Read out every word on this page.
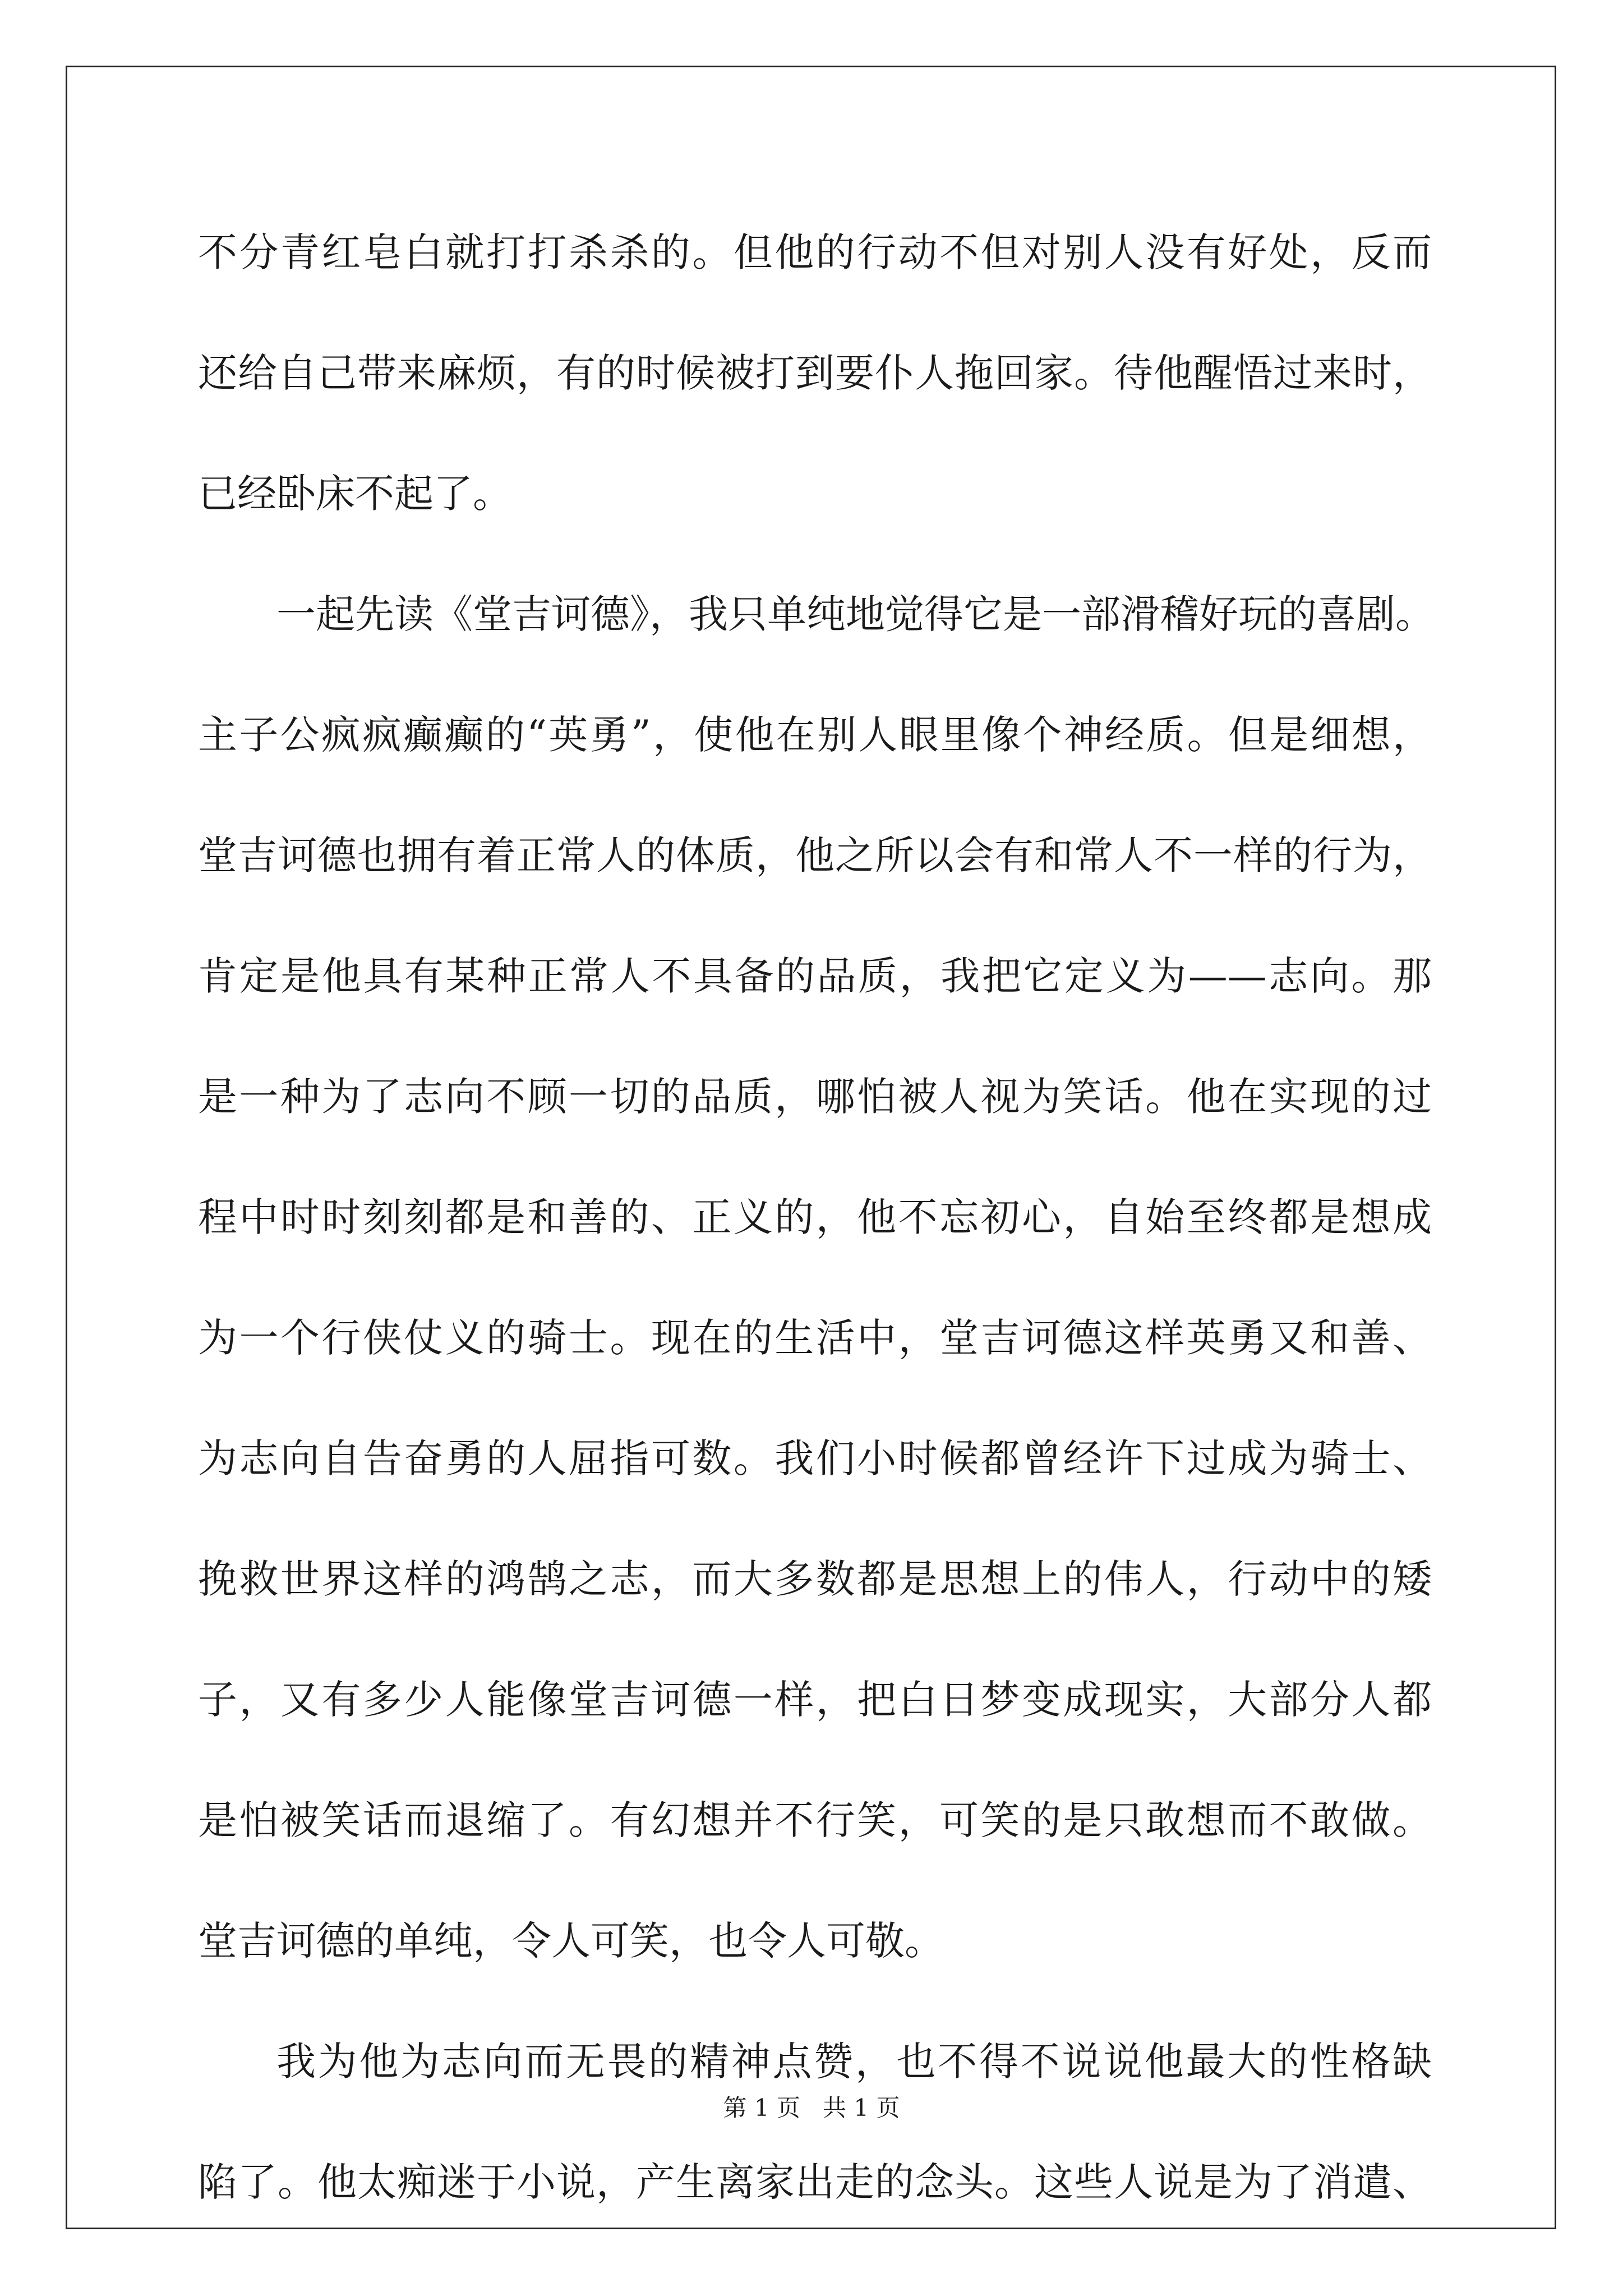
不分青红皂白就打打杀杀的。但他的行动不但对别人没有好处，反而
还给自己带来麻烦，有的时候被打到要仆人拖回家。待他醒悟过来时，
已经卧床不起了。
一起先读《堂吉诃德》，我只单纯地觉得它是一部滑稽好玩的喜剧。
主子公疯疯癫癫的“英勇”，使他在别人眼里像个神经质。但是细想，
堂吉诃德也拥有着正常人的体质，他之所以会有和常人不一样的行为，
肯定是他具有某种正常人不具备的品质，我把它定义为——志向。那
是一种为了志向不顾一切的品质，哪怕被人视为笑话。他在实现的过
程中时时刻刻都是和善的、正义的，他不忘初心，自始至终都是想成
为一个行侠仗义的骑士。现在的生活中，堂吉诃德这样英勇又和善、
为志向自告奋勇的人屈指可数。我们小时候都曾经许下过成为骑士、
挽救世界这样的鸿鹄之志，而大多数都是思想上的伟人，行动中的矮
子，又有多少人能像堂吉诃德一样，把白日梦变成现实，大部分人都
是怕被笑话而退缩了。有幻想并不行笑，可笑的是只敢想而不敢做。
堂吉诃德的单纯，令人可笑，也令人可敬。
我为他为志向而无畏的精神点赞，也不得不说说他最大的性格缺
陷了。他太痴迷于小说，产生离家出走的念头。这些人说是为了消遣、
第 1 页 共 1 页
